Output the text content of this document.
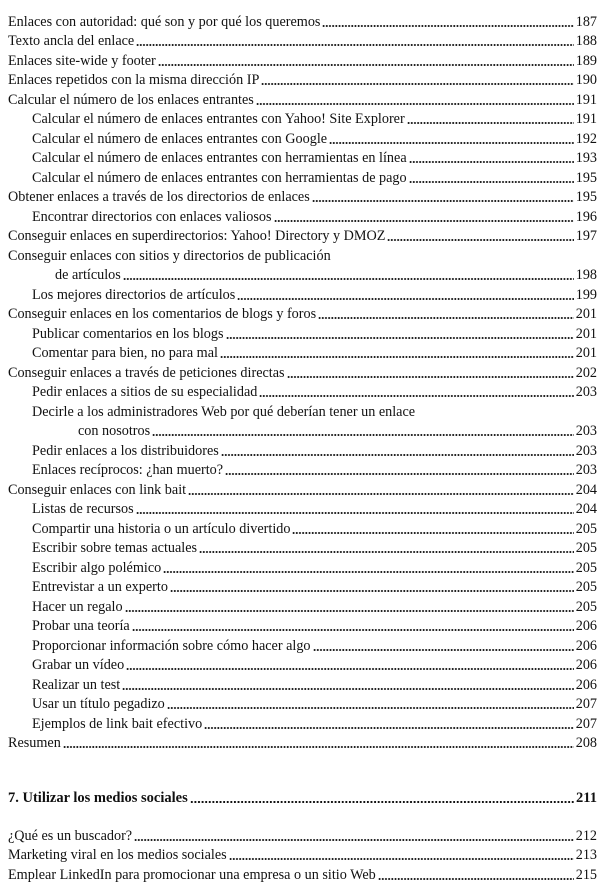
Enlaces con autoridad: qué son y por qué los queremos	187
Texto ancla del enlace	188
Enlaces site-wide y footer	189
Enlaces repetidos con la misma dirección IP	190
Calcular el número de los enlaces entrantes	191
Calcular el número de enlaces entrantes con Yahoo! Site Explorer	191
Calcular el número de enlaces entrantes con Google	192
Calcular el número de enlaces entrantes con herramientas en línea	193
Calcular el número de enlaces entrantes con herramientas de pago	195
Obtener enlaces a través de los directorios de enlaces	195
Encontrar directorios con enlaces valiosos	196
Conseguir enlaces en superdirectorios: Yahoo! Directory y DMOZ	197
Conseguir enlaces con sitios y directorios de publicación
de artículos	198
Los mejores directorios de artículos	199
Conseguir enlaces en los comentarios de blogs y foros	201
Publicar comentarios en los blogs	201
Comentar para bien, no para mal	201
Conseguir enlaces a través de peticiones directas	202
Pedir enlaces a sitios de su especialidad	203
Decirle a los administradores Web por qué deberían tener un enlace
con nosotros	203
Pedir enlaces a los distribuidores	203
Enlaces recíprocos: ¿han muerto?	203
Conseguir enlaces con link bait	204
Listas de recursos	204
Compartir una historia o un artículo divertido	205
Escribir sobre temas actuales	205
Escribir algo polémico	205
Entrevistar a un experto	205
Hacer un regalo	205
Probar una teoría	206
Proporcionar información sobre cómo hacer algo	206
Grabar un vídeo	206
Realizar un test	206
Usar un título pegadizo	207
Ejemplos de link bait efectivo	207
Resumen	208
7. Utilizar los medios sociales	211
¿Qué es un buscador?	212
Marketing viral en los medios sociales	213
Emplear LinkedIn para promocionar una empresa o un sitio Web	215
